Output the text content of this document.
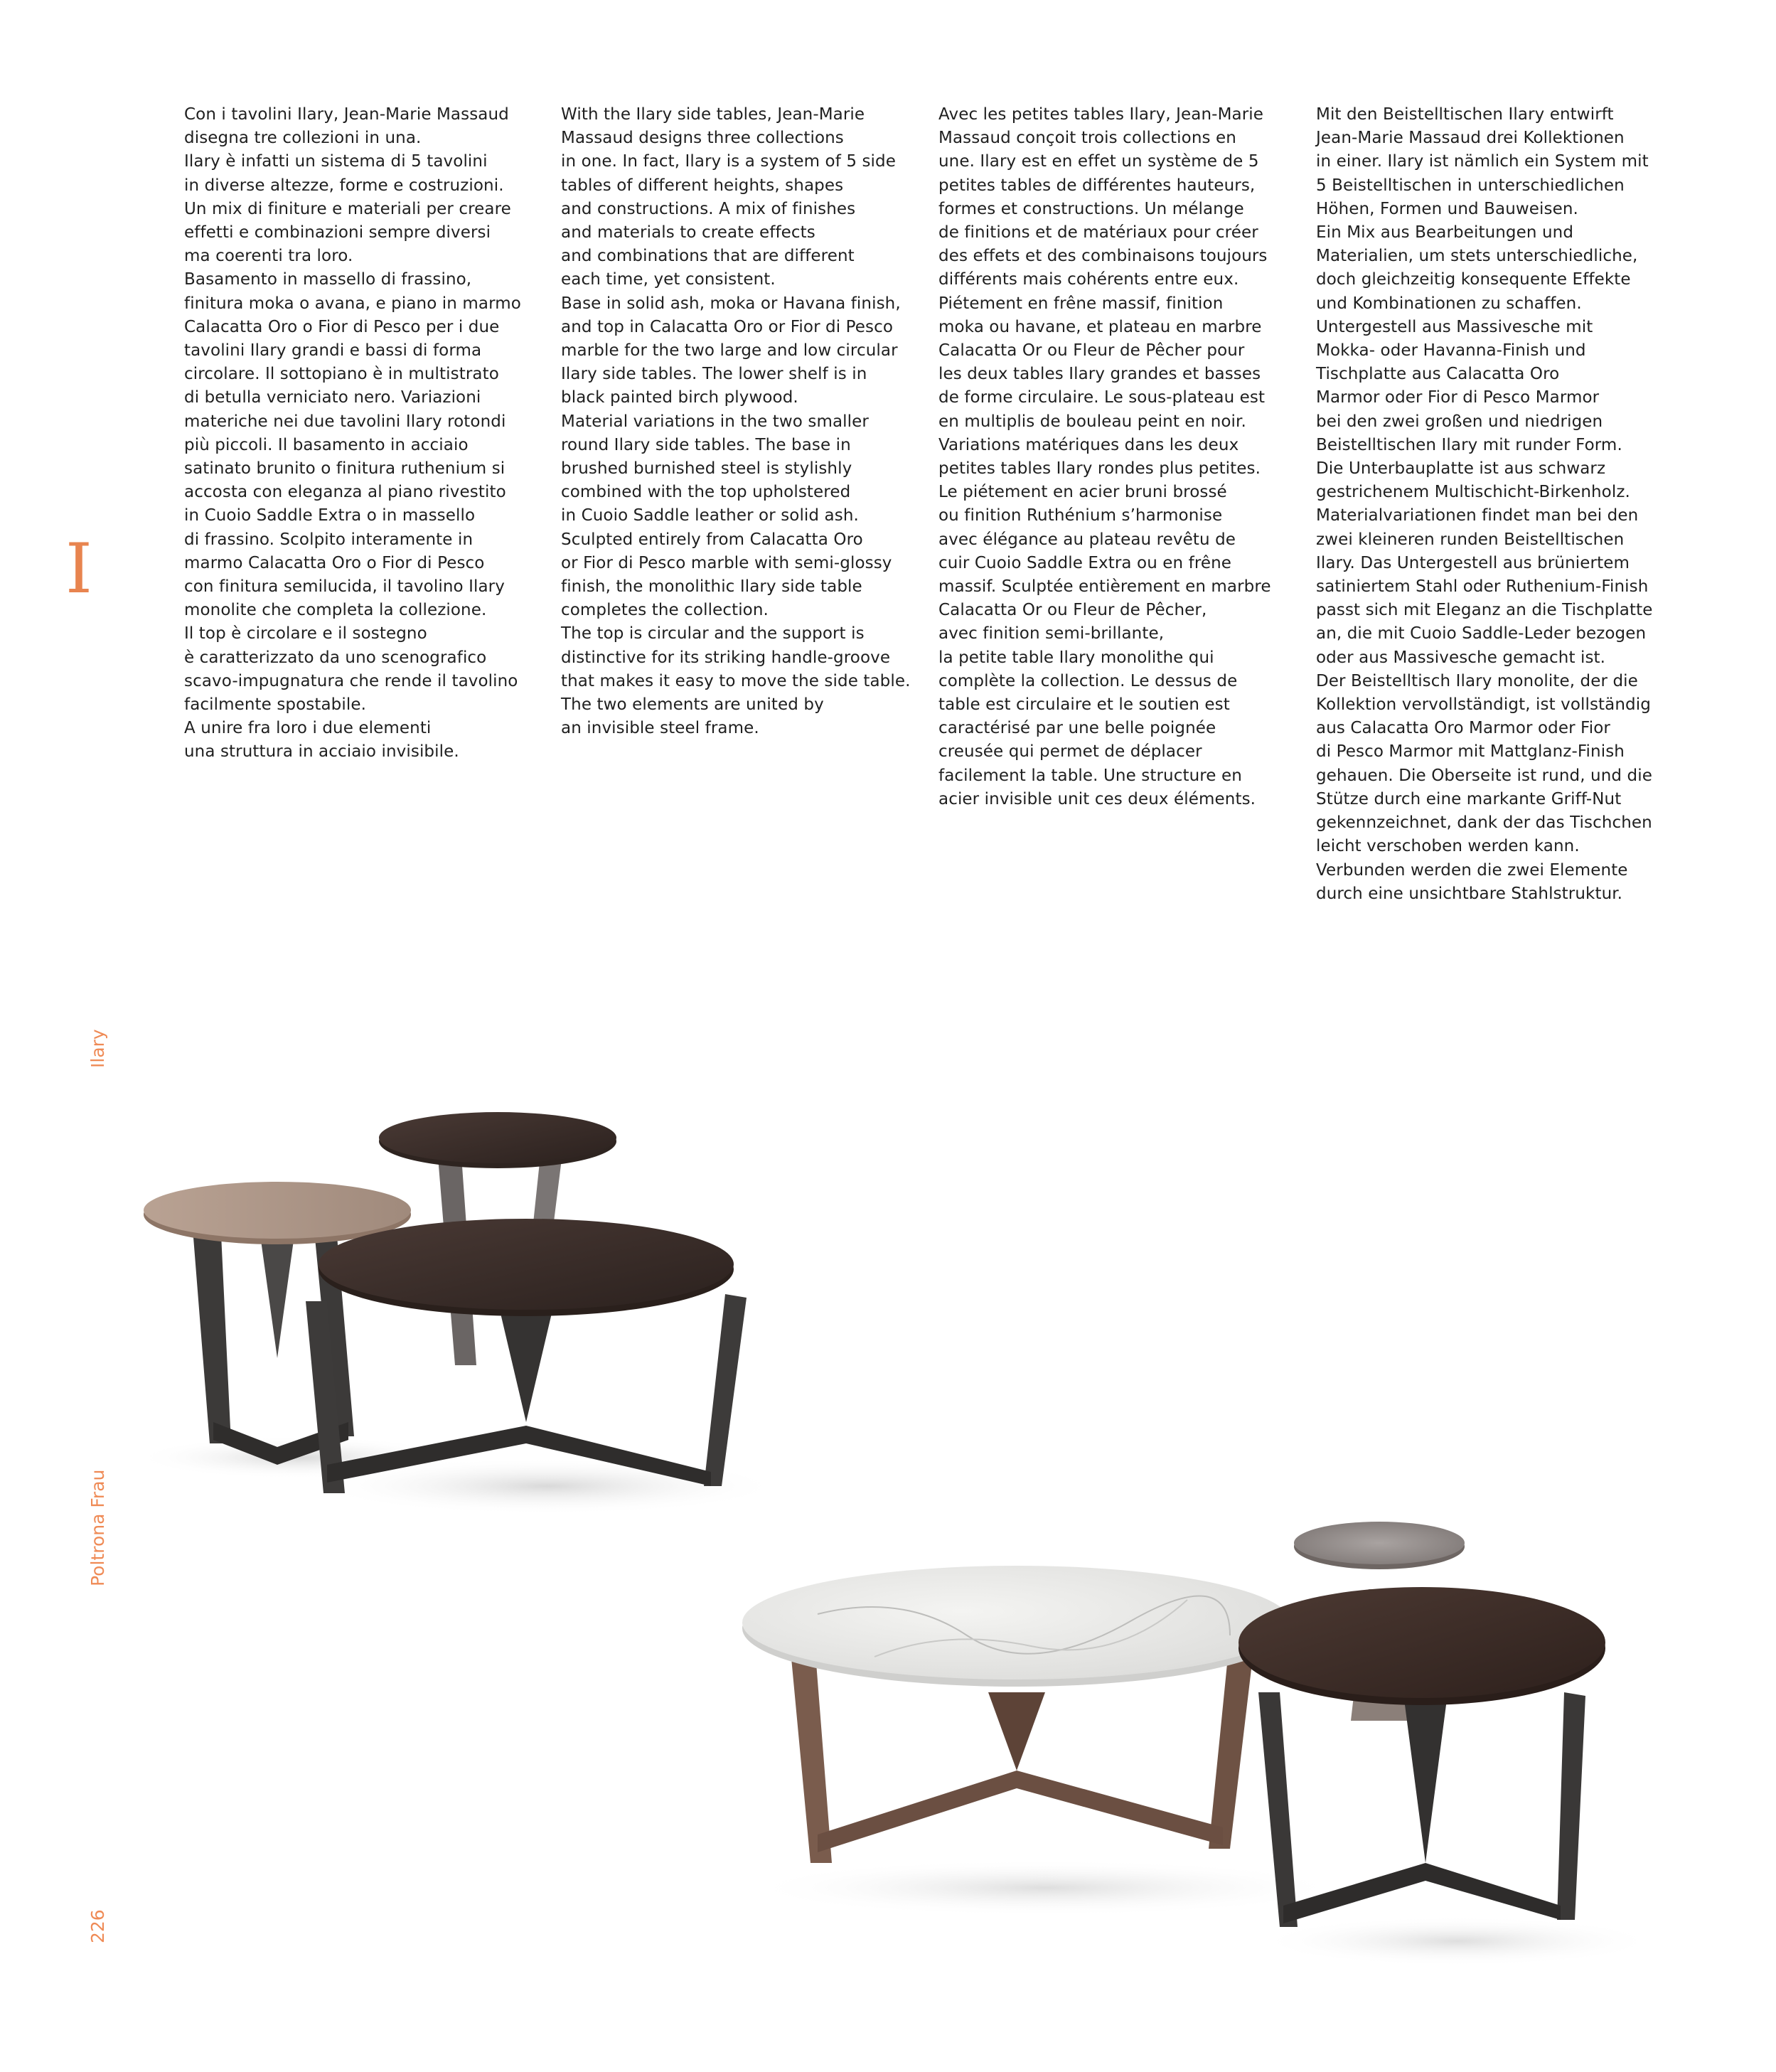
Con i tavolini Ilary, Jean-Marie Massaud
disegna tre collezioni in una.
Ilary è infatti un sistema di 5 tavolini
in diverse altezze, forme e costruzioni.
Un mix di finiture e materiali per creare
effetti e combinazioni sempre diversi
ma coerenti tra loro.
Basamento in massello di frassino,
finitura moka o avana, e piano in marmo
Calacatta Oro o Fior di Pesco per i due
tavolini Ilary grandi e bassi di forma
circolare. Il sottopiano è in multistrato
di betulla verniciato nero. Variazioni
materiche nei due tavolini Ilary rotondi
più piccoli. Il basamento in acciaio
satinato brunito o finitura ruthenium si
accosta con eleganza al piano rivestito
in Cuoio Saddle Extra o in massello
di frassino. Scolpito interamente in
marmo Calacatta Oro o Fior di Pesco
con finitura semilucida, il tavolino Ilary
monolite che completa la collezione.
Il top è circolare e il sostegno
è caratterizzato da uno scenografico
scavo-impugnatura che rende il tavolino
facilmente spostabile.
A unire fra loro i due elementi
una struttura in acciaio invisibile.

With the Ilary side tables, Jean-Marie
Massaud designs three collections
in one. In fact, Ilary is a system of 5 side
tables of different heights, shapes
and constructions. A mix of finishes
and materials to create effects
and combinations that are different
each time, yet consistent.
Base in solid ash, moka or Havana finish,
and top in Calacatta Oro or Fior di Pesco
marble for the two large and low circular
Ilary side tables. The lower shelf is in
black painted birch plywood.
Material variations in the two smaller
round Ilary side tables. The base in
brushed burnished steel is stylishly
combined with the top upholstered
in Cuoio Saddle leather or solid ash.
Sculpted entirely from Calacatta Oro
or Fior di Pesco marble with semi-glossy
finish, the monolithic Ilary side table
completes the collection.
The top is circular and the support is
distinctive for its striking handle-groove
that makes it easy to move the side table.
The two elements are united by
an invisible steel frame.

Avec les petites tables Ilary, Jean-Marie
Massaud conçoit trois collections en
une. Ilary est en effet un système de 5
petites tables de différentes hauteurs,
formes et constructions. Un mélange
de finitions et de matériaux pour créer
des effets et des combinaisons toujours
différents mais cohérents entre eux.
Piétement en frêne massif, finition
moka ou havane, et plateau en marbre
Calacatta Or ou Fleur de Pêcher pour
les deux tables Ilary grandes et basses
de forme circulaire. Le sous-plateau est
en multiplis de bouleau peint en noir.
Variations matériques dans les deux
petites tables Ilary rondes plus petites.
Le piétement en acier bruni brossé
ou finition Ruthénium s’harmonise
avec élégance au plateau revêtu de
cuir Cuoio Saddle Extra ou en frêne
massif. Sculptée entièrement en marbre
Calacatta Or ou Fleur de Pêcher,
avec finition semi-brillante,
la petite table Ilary monolithe qui
complète la collection. Le dessus de
table est circulaire et le soutien est
caractérisé par une belle poignée
creusée qui permet de déplacer
facilement la table. Une structure en
acier invisible unit ces deux éléments.

Mit den Beistelltischen Ilary entwirft
Jean-Marie Massaud drei Kollektionen
in einer. Ilary ist nämlich ein System mit
5 Beistelltischen in unterschiedlichen
Höhen, Formen und Bauweisen.
Ein Mix aus Bearbeitungen und
Materialien, um stets unterschiedliche,
doch gleichzeitig konsequente Effekte
und Kombinationen zu schaffen.
Untergestell aus Massivesche mit
Mokka- oder Havanna-Finish und
Tischplatte aus Calacatta Oro
Marmor oder Fior di Pesco Marmor
bei den zwei großen und niedrigen
Beistelltischen Ilary mit runder Form.
Die Unterbauplatte ist aus schwarz
gestrichenem Multischicht-Birkenholz.
Materialvariationen findet man bei den
zwei kleineren runden Beistelltischen
Ilary. Das Untergestell aus brüniertem
satiniertem Stahl oder Ruthenium-Finish
passt sich mit Eleganz an die Tischplatte
an, die mit Cuoio Saddle-Leder bezogen
oder aus Massivesche gemacht ist.
Der Beistelltisch Ilary monolite, der die
Kollektion vervollständigt, ist vollständig
aus Calacatta Oro Marmor oder Fior
di Pesco Marmor mit Mattglanz-Finish
gehauen. Die Oberseite ist rund, und die
Stütze durch eine markante Griff-Nut
gekennzeichnet, dank der das Tischchen
leicht verschoben werden kann.
Verbunden werden die zwei Elemente
durch eine unsichtbare Stahlstruktur.

I
Ilary
Poltrona Frau
226
